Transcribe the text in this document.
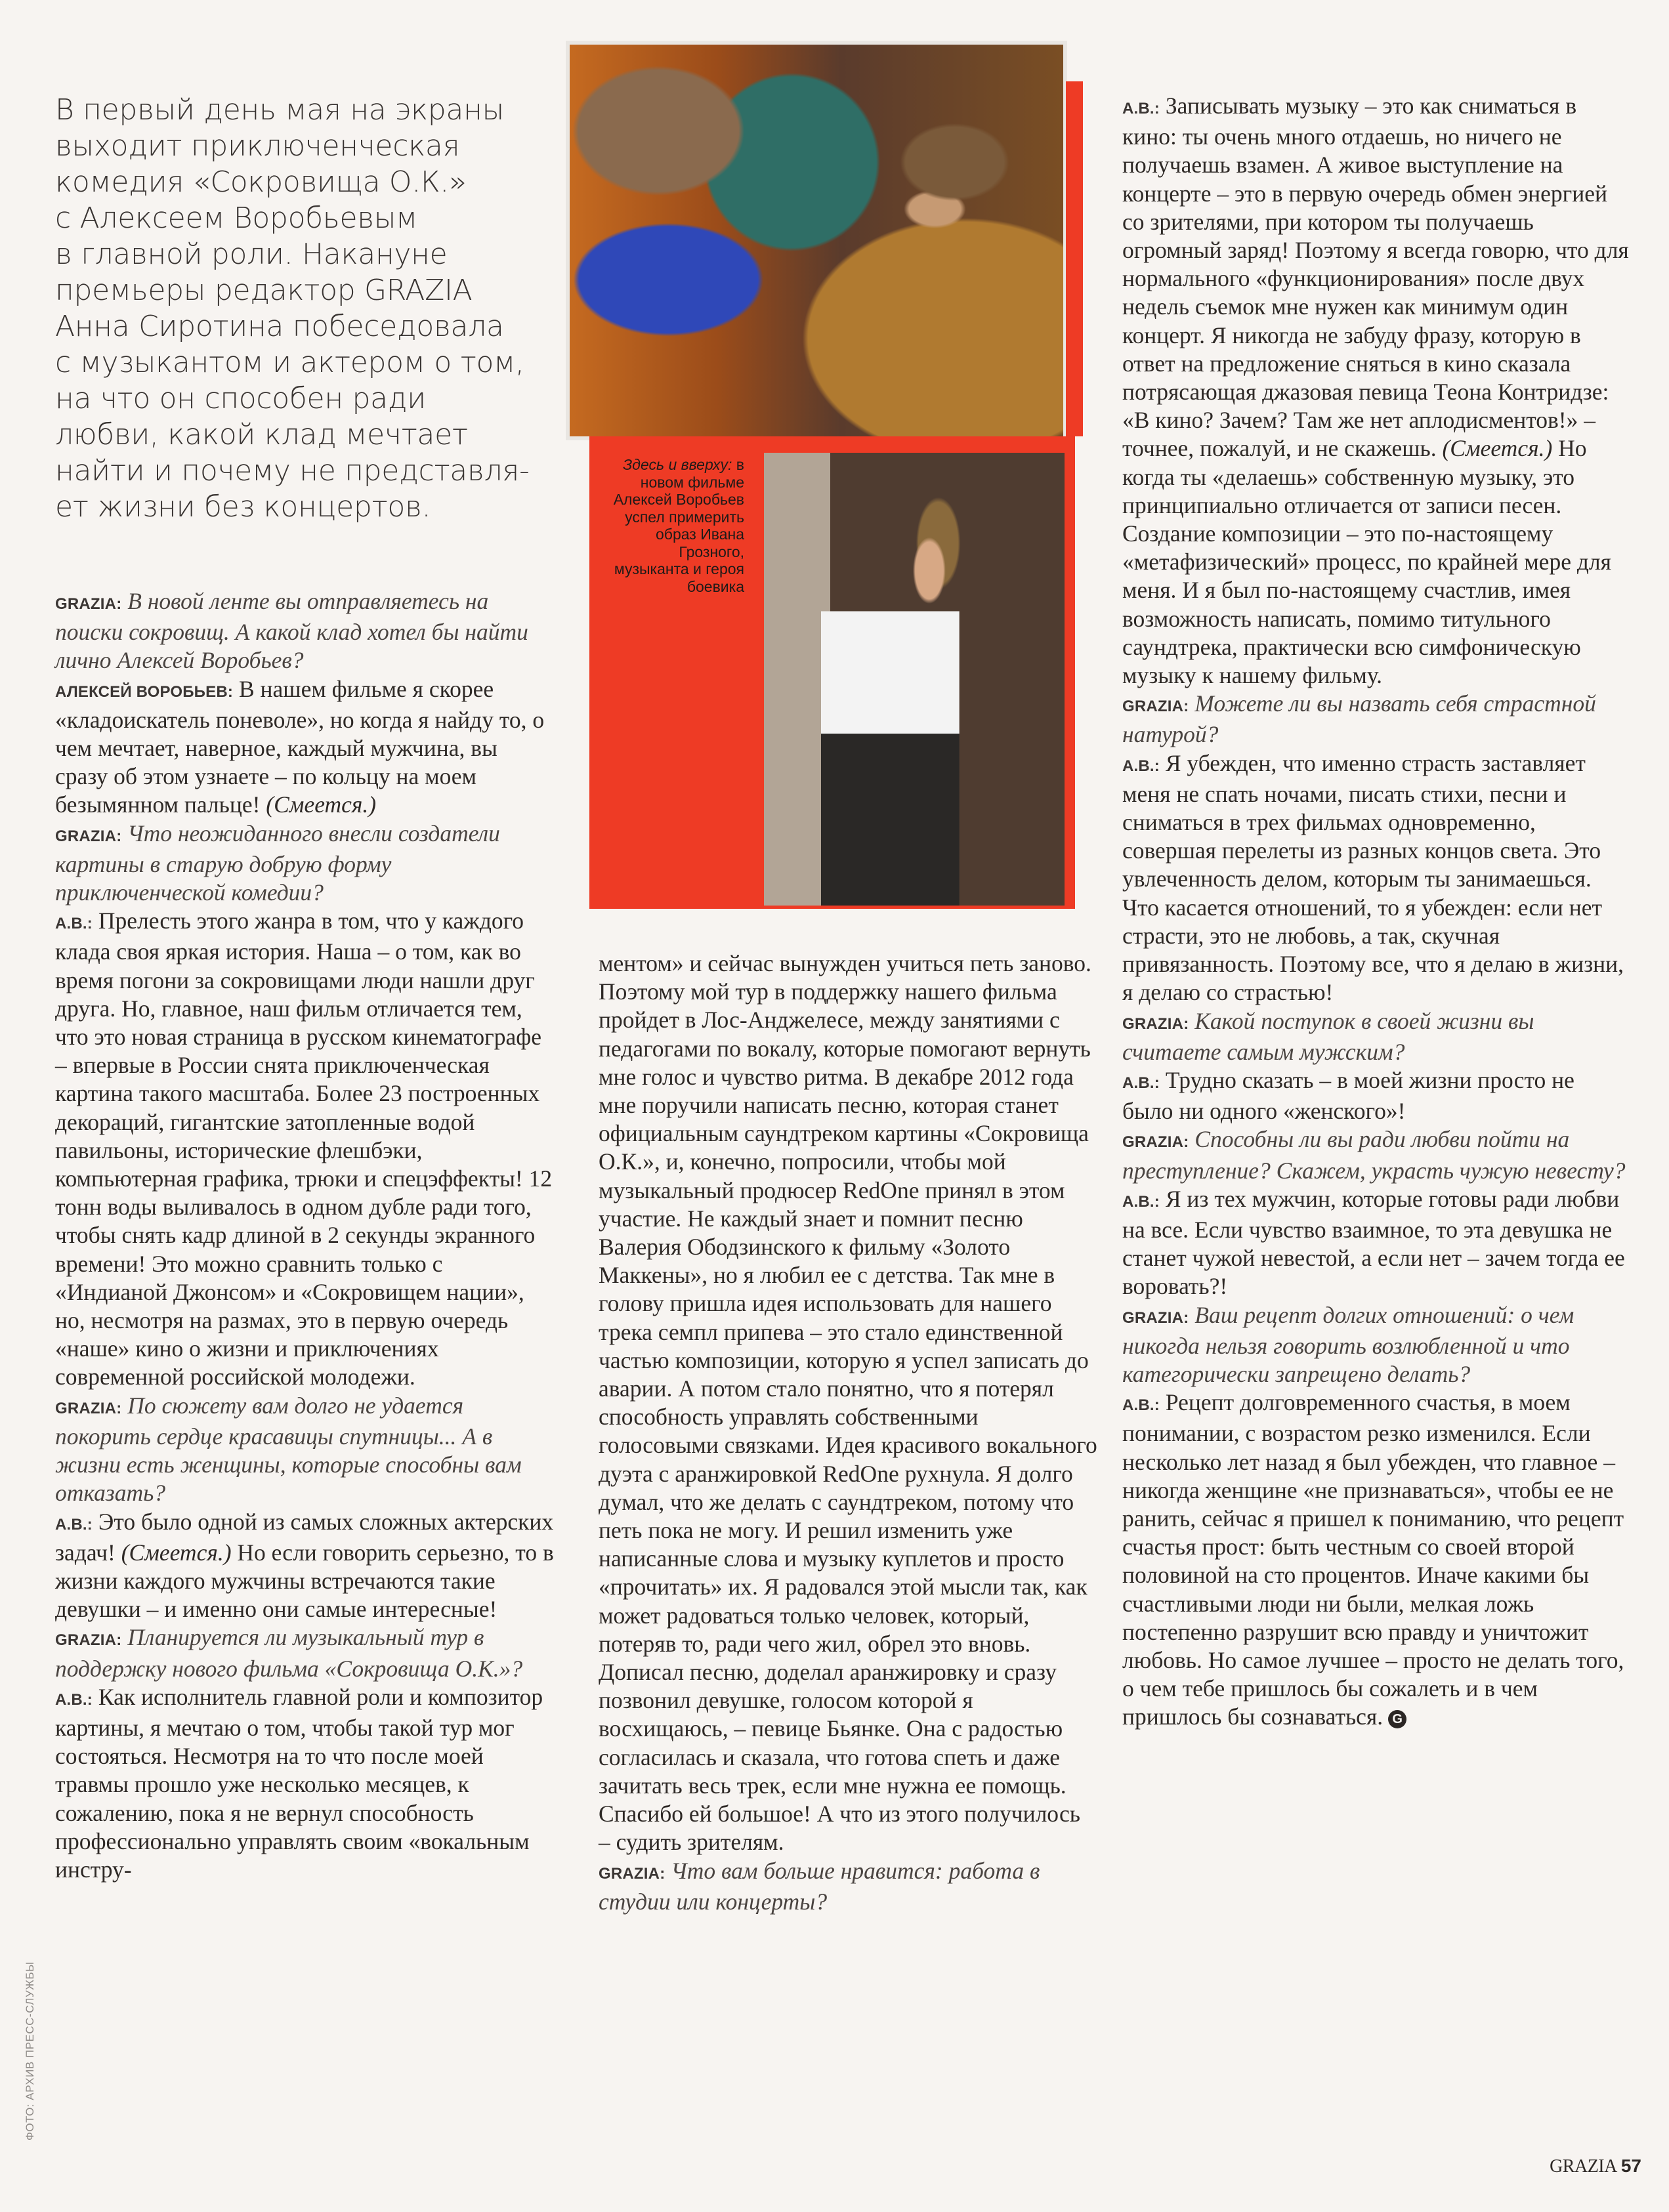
В первый день мая на экраны
выходит приключенческая
комедия «Сокровища О.К.»
с Алексеем Воробьевым
в главной роли. Накануне
премьеры редактор GRAZIA
Анна Сиротина побеседовала
с музыкантом и актером о том,
на что он способен ради
любви, какой клад мечтает
найти и почему не представля-
ет жизни без концертов.
Здесь и вверху: в новом фильме Алексей Воробьев успел примерить образ Ивана Грозного, музыканта и героя боевика

GRAZIA: В новой ленте вы отправляетесь на поиски сокровищ. А какой клад хотел бы найти лично Алексей Воробьев?

АЛЕКСЕЙ ВОРОБЬЕВ: В нашем фильме я скорее «кладоискатель поневоле», но когда я найду то, о чем мечтает, наверное, каждый мужчина, вы сразу об этом узнаете – по кольцу на моем безымянном пальце! (Смеется.)

GRAZIA: Что неожиданного внесли создатели картины в старую добрую форму приключенческой комедии?

А.В.: Прелесть этого жанра в том, что у каждого клада своя яркая история. Наша – о том, как во время погони за сокровищами люди нашли друг друга. Но, главное, наш фильм отличается тем, что это новая страница в русском кинематографе – впервые в России снята приключенческая картина такого масштаба. Более 23 построенных декораций, гигантские затопленные водой павильоны, исторические флешбэки, компьютерная графика, трюки и спецэффекты! 12 тонн воды выливалось в одном дубле ради того, чтобы снять кадр длиной в 2 секунды экранного времени! Это можно сравнить только с «Индианой Джонсом» и «Сокровищем нации», но, несмотря на размах, это в первую очередь «наше» кино о жизни и приключениях современной российской молодежи.

GRAZIA: По сюжету вам долго не удается покорить сердце красавицы спутницы... А в жизни есть женщины, которые способны вам отказать?

А.В.: Это было одной из самых сложных актерских задач! (Смеется.) Но если говорить серьезно, то в жизни каждого мужчины встречаются такие девушки – и именно они самые интересные!

GRAZIA: Планируется ли музыкальный тур в поддержку нового фильма «Сокровища О.К.»?

А.В.: Как исполнитель главной роли и композитор картины, я мечтаю о том, чтобы такой тур мог состояться. Несмотря на то что после моей травмы прошло уже несколько месяцев, к сожалению, пока я не вернул способность профессионально управлять своим «вокальным инстру-

ментом» и сейчас вынужден учиться петь заново. Поэтому мой тур в поддержку нашего фильма пройдет в Лос-Анджелесе, между занятиями с педагогами по вокалу, которые помогают вернуть мне голос и чувство ритма. В декабре 2012 года мне поручили написать песню, которая станет официальным саундтреком картины «Сокровища О.К.», и, конечно, попросили, чтобы мой музыкальный продюсер RedOne принял в этом участие. Не каждый знает и помнит песню Валерия Ободзинского к фильму «Золото Маккены», но я любил ее с детства. Так мне в голову пришла идея использовать для нашего трека семпл припева – это стало единственной частью композиции, которую я успел записать до аварии. А потом стало понятно, что я потерял способность управлять собственными голосовыми связками. Идея красивого вокального дуэта с аранжировкой RedOne рухнула. Я долго думал, что же делать с саундтреком, потому что петь пока не могу. И решил изменить уже написанные слова и музыку куплетов и просто «прочитать» их. Я радовался этой мысли так, как может радоваться только человек, который, потеряв то, ради чего жил, обрел это вновь. Дописал песню, доделал аранжировку и сразу позвонил девушке, голосом которой я восхищаюсь, – певице Бьянке. Она с радостью согласилась и сказала, что готова спеть и даже зачитать весь трек, если мне нужна ее помощь. Спасибо ей большое! А что из этого получилось – судить зрителям.

GRAZIA: Что вам больше нравится: работа в студии или концерты?

А.В.: Записывать музыку – это как сниматься в кино: ты очень много отдаешь, но ничего не получаешь взамен. А живое выступление на концерте – это в первую очередь обмен энергией со зрителями, при котором ты получаешь огромный заряд! Поэтому я всегда говорю, что для нормального «функционирования» после двух недель съемок мне нужен как минимум один концерт. Я никогда не забуду фразу, которую в ответ на предложение сняться в кино сказала потрясающая джазовая певица Теона Контридзе: «В кино? Зачем? Там же нет аплодисментов!» – точнее, пожалуй, и не скажешь. (Смеется.) Но когда ты «делаешь» собственную музыку, это принципиально отличается от записи песен. Создание композиции – это по-настоящему «метафизический» процесс, по крайней мере для меня. И я был по-настоящему счастлив, имея возможность написать, помимо титульного саундтрека, практически всю симфоническую музыку к нашему фильму.

GRAZIA: Можете ли вы назвать себя страстной натурой?

А.В.: Я убежден, что именно страсть заставляет меня не спать ночами, писать стихи, песни и сниматься в трех фильмах одновременно, совершая перелеты из разных концов света. Это увлеченность делом, которым ты занимаешься. Что касается отношений, то я убежден: если нет страсти, это не любовь, а так, скучная привязанность. Поэтому все, что я делаю в жизни, я делаю со страстью!

GRAZIA: Какой поступок в своей жизни вы считаете самым мужским?

А.В.: Трудно сказать – в моей жизни просто не было ни одного «женского»!

GRAZIA: Способны ли вы ради любви пойти на преступление? Скажем, украсть чужую невесту?

А.В.: Я из тех мужчин, которые готовы ради любви на все. Если чувство взаимное, то эта девушка не станет чужой невестой, а если нет – зачем тогда ее воровать?!

GRAZIA: Ваш рецепт долгих отношений: о чем никогда нельзя говорить возлюбленной и что категорически запрещено делать?

А.В.: Рецепт долговременного счастья, в моем понимании, с возрастом резко изменился. Если несколько лет назад я был убежден, что главное – никогда женщине «не признаваться», чтобы ее не ранить, сейчас я пришел к пониманию, что рецепт счастья прост: быть честным со своей второй половиной на сто процентов. Иначе какими бы счастливыми люди ни были, мелкая ложь постепенно разрушит всю правду и уничтожит любовь. Но самое лучшее – просто не делать того, о чем тебе пришлось бы сожалеть и в чем пришлось бы сознаваться. G

ФОТО: АРХИВ ПРЕСС-СЛУЖБЫ
GRAZIA 57
